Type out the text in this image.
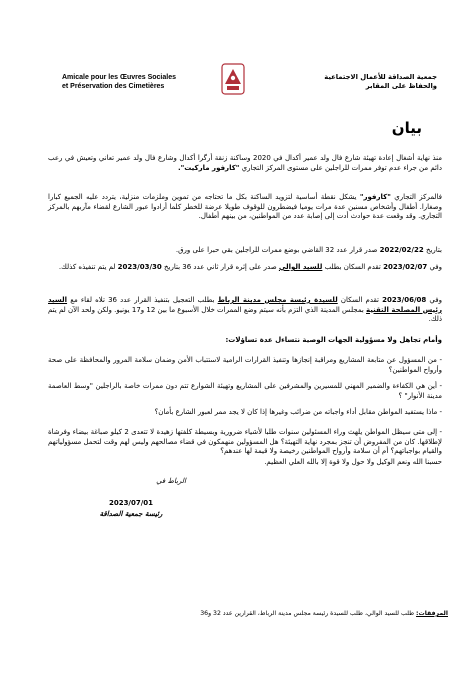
Amicale pour les Œuvres Sociales
et Préservation des Cimetières
جمعية الصداقة للأعمال الاجتماعية
والحفاظ على المقابر
بيان
منذ نهاية أشغال إعادة تهيئة شارع فال ولد عمير أكدال في 2020 وساكنة زنقة أرگرا أكدال وشارع فال ولد عمير تعاني وتعيش في رعب دائم من جراء عدم توفر ممرات للراجلين على مستوى المركز التجاري "كارفور ماركيت".
فالمركز التجاري "كارفور" يشكل نقطة أساسية لتزويد الساكنة بكل ما تحتاجه من تموين وملزمات منزلية، يتردد عليه الجميع كبارا وصغارا. أطفال وأشخاص مسنين عدة مرات يوميا فيضطرون للوقوف طويلا عرضة للخطر كلما أرادوا عبور الشارع لقضاء مآربهم بالمركز التجاري. وقد وقعت عدة حوادث أدت إلى إصابة عدد من المواطنين، من بينهم أطفال.
بتاريخ 2022/02/22 صدر قرار عدد 32 القاضي بوضع ممرات للراجلين بقي حبرا على ورق.
وفي 2023/02/07 تقدم السكان بطلب للسيد الوالي صدر على إثره قرار ثاني عدد 36 بتاريخ 2023/03/30 لم يتم تنفيذه كذلك.
وفي 2023/06/08 تقدم السكان للسيدة رئيسة مجلس مدينة الرباط بطلب التعجيل بتنفيذ القرار عدد 36 تلاه لقاء مع السيد رئيس المصلحة التقنية بمجلس المدينة الذي التزم بأنه سيتم وضع الممرات خلال الأسبوع ما بين 12 و17 يونيو. ولكن ولحد الآن لم يتم ذلك.
وأمام تجاهل ولا مسؤولية الجهات الوصية نتساءل عدة تساؤلات:
- من المسؤول عن متابعة المشاريع ومراقبة إنجازها وتنفيذ القرارات الرامية لاستتباب الأمن وضمان سلامة المرور والمحافظة على صحة وأرواح المواطنين؟
- أين هي الكفاءة والضمير المهني للمسيرين والمشرفين على المشاريع وتهيئة الشوارع تتم دون ممرات خاصة بالراجلين "وسط العاصمة مدينة الأنوار" ؟
- ماذا يستفيد المواطن مقابل أداء واجباته من ضرائب وغيرها إذا كان لا يجد ممر لعبور الشارع بأمان؟
- إلى متى سيظل المواطن يلهث وراء المسئولين سنوات طلبا لأشياء ضرورية وبسيطة كلفتها زهيدة لا تتعدى 2 كيلو صباغة بيضاء وفرشاة لإطلاقها. كان من المفروض أن تنجز بمجرد نهاية التهيئة؟ هل المسؤولين منهمكون في قضاء مصالحهم وليس لهم وقت لتحمل مسؤولياتهم والقيام بواجباتهم؟ أم أن سلامة وأرواح المواطنين رخيصة ولا قيمة لها عندهم؟
حسبنا الله ونعم الوكيل ولا حول ولا قوة إلا بالله العلي العظيم.
الرباط في
2023/07/01
رئيسة جمعية الصداقة
المرفقات: طلب للسيد الوالي، طلب للسيدة رئيسة مجلس مدينة الرباط، القرارين عدد 32 و36
